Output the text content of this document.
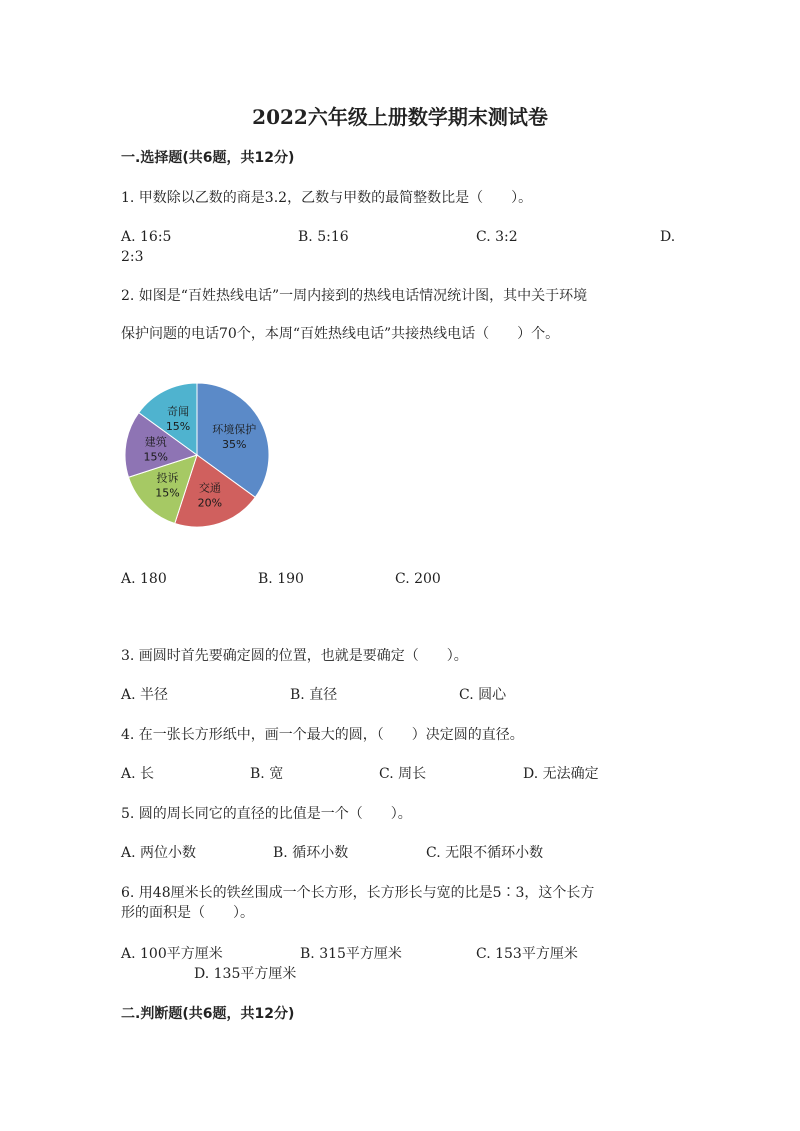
2022六年级上册数学期末测试卷
一.选择题(共6题，共12分)
1. 甲数除以乙数的商是3.2，乙数与甲数的最简整数比是（　　）。
A. 16:5	B. 5:16	C. 3:2	D.
2:3
2. 如图是“百姓热线电话”一周内接到的热线电话情况统计图，其中关于环境
保护问题的电话70个，本周“百姓热线电话”共接热线电话（　　）个。
环境保护
35%
交通
20%
投诉
15%
建筑
15%
奇闻
15%
A. 180	B. 190	C. 200
3. 画圆时首先要确定圆的位置，也就是要确定（　　）。
A. 半径	B. 直径	C. 圆心
4. 在一张长方形纸中，画一个最大的圆，（　　）决定圆的直径。
A. 长	B. 宽	C. 周长	D. 无法确定
5. 圆的周长同它的直径的比值是一个（　　）。
A. 两位小数	B. 循环小数	C. 无限不循环小数
6. 用48厘米长的铁丝围成一个长方形，长方形长与宽的比是5∶3，这个长方
形的面积是（　　）。
A. 100平方厘米	B. 315平方厘米	C. 153平方厘米
D. 135平方厘米
二.判断题(共6题，共12分)
